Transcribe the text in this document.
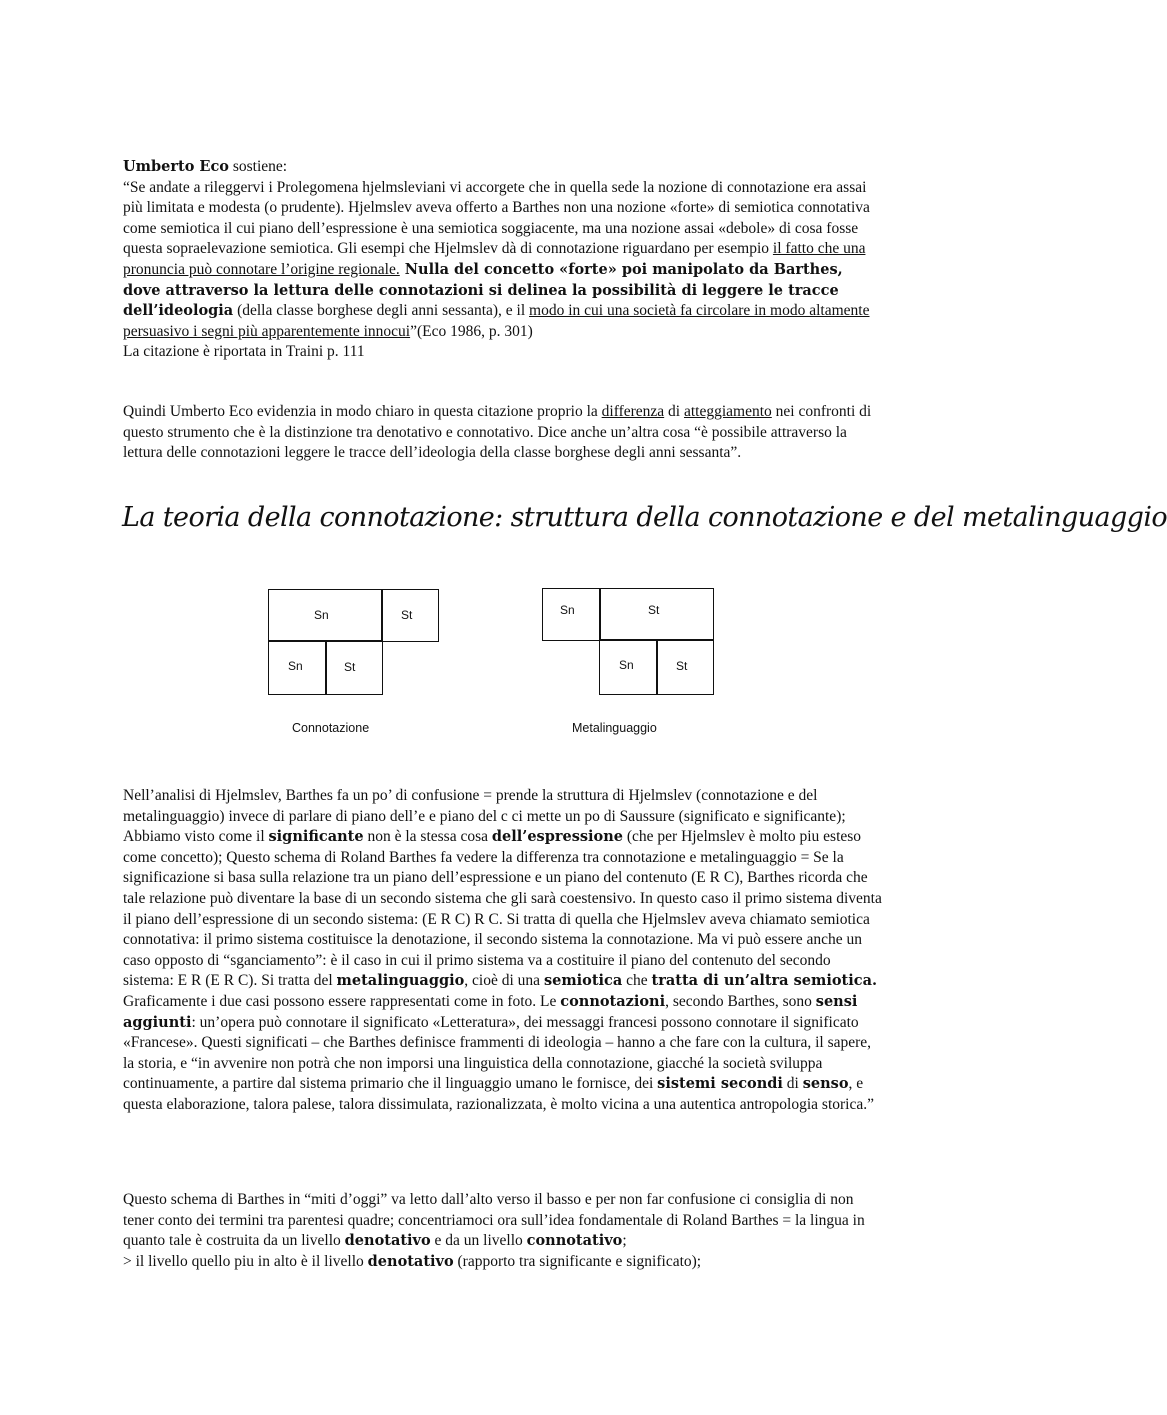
Umberto Eco sostiene:
“Se andate a rileggervi i Prolegomena hjelmsleviani vi accorgete che in quella sede la nozione di connotazione era assai più limitata e modesta (o prudente). Hjelmslev aveva offerto a Barthes non una nozione «forte» di semiotica connotativa come semiotica il cui piano dell’espressione è una semiotica soggiacente, ma una nozione assai «debole» di cosa fosse questa sopraelevazione semiotica. Gli esempi che Hjelmslev dà di connotazione riguardano per esempio il fatto che una pronuncia può connotare l’origine regionale. Nulla del concetto «forte» poi manipolato da Barthes, dove attraverso la lettura delle connotazioni si delinea la possibilità di leggere le tracce dell’ideologia (della classe borghese degli anni sessanta), e il modo in cui una società fa circolare in modo altamente persuasivo i segni più apparentemente innocui”(Eco 1986, p. 301)
La citazione è riportata in Traini p. 111

Quindi Umberto Eco evidenzia in modo chiaro in questa citazione proprio la differenza di atteggiamento nei confronti di questo strumento che è la distinzione tra denotativo e connotativo. Dice anche un’altra cosa “è possibile attraverso la lettura delle connotazioni leggere le tracce dell’ideologia della classe borghese degli anni sessanta”.

La teoria della connotazione: struttura della connotazione e del metalinguaggio
Sn	St
Sn	St
Connotazione
Sn	St
Sn	St
Metalinguaggio

Nell’analisi di Hjelmslev, Barthes fa un po’ di confusione = prende la struttura di Hjelmslev (connotazione e del metalinguaggio) invece di parlare di piano dell’e e piano del c ci mette un po di Saussure (significato e significante); Abbiamo visto come il significante non è la stessa cosa dell’espressione (che per Hjelmslev è molto piu esteso come concetto); Questo schema di Roland Barthes fa vedere la differenza tra connotazione e metalinguaggio = Se la significazione si basa sulla relazione tra un piano dell’espressione e un piano del contenuto (E R C), Barthes ricorda che tale relazione può diventare la base di un secondo sistema che gli sarà coestensivo. In questo caso il primo sistema diventa il piano dell’espressione di un secondo sistema: (E R C) R C. Si tratta di quella che Hjelmslev aveva chiamato semiotica connotativa: il primo sistema costituisce la denotazione, il secondo sistema la connotazione. Ma vi può essere anche un caso opposto di “sganciamento”: è il caso in cui il primo sistema va a costituire il piano del contenuto del secondo sistema: E R (E R C). Si tratta del metalinguaggio, cioè di una semiotica che tratta di un’altra semiotica. Graficamente i due casi possono essere rappresentati come in foto. Le connotazioni, secondo Barthes, sono sensi aggiunti: un’opera può connotare il significato «Letteratura», dei messaggi francesi possono connotare il significato «Francese». Questi significati – che Barthes definisce frammenti di ideologia – hanno a che fare con la cultura, il sapere, la storia, e “in avvenire non potrà che non imporsi una linguistica della connotazione, giacché la società sviluppa continuamente, a partire dal sistema primario che il linguaggio umano le fornisce, dei sistemi secondi di senso, e questa elaborazione, talora palese, talora dissimulata, razionalizzata, è molto vicina a una autentica antropologia storica.”

Questo schema di Barthes in “miti d’oggi” va letto dall’alto verso il basso e per non far confusione ci consiglia di non tener conto dei termini tra parentesi quadre; concentriamoci ora sull’idea fondamentale di Roland Barthes = la lingua in quanto tale è costruita da un livello denotativo e da un livello connotativo;
> il livello quello piu in alto è il livello denotativo (rapporto tra significante e significato);
